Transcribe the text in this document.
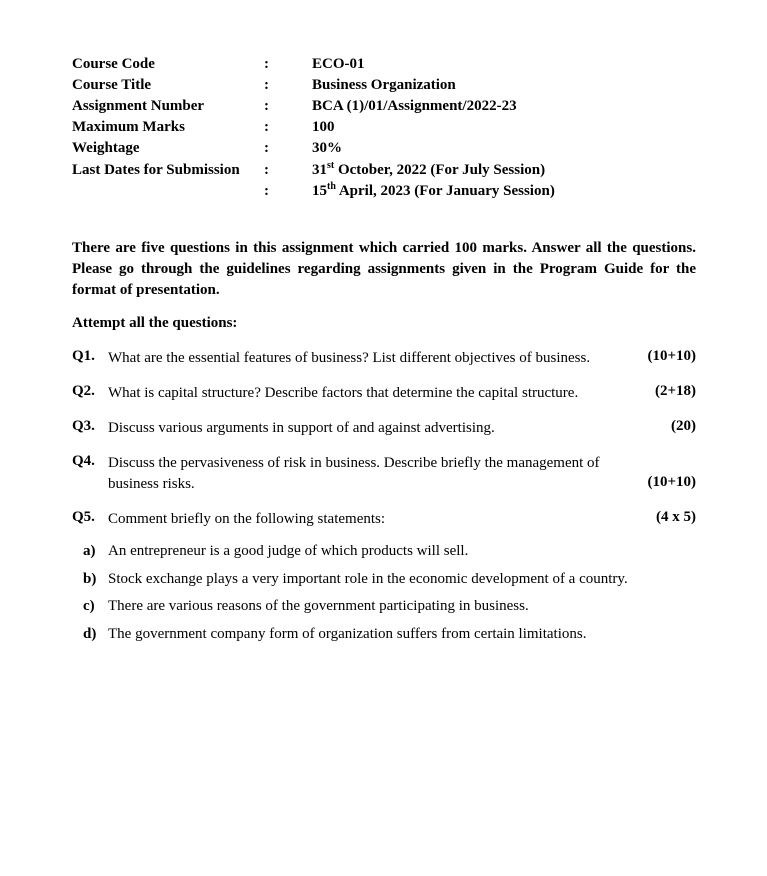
Course Code	:	ECO-01
Course Title	:	Business Organization
Assignment Number	:	BCA (1)/01/Assignment/2022-23
Maximum Marks	:	100
Weightage	:	30%
Last Dates for Submission :	31st October, 2022 (For July Session)
:	15th April, 2023 (For January Session)
There are five questions in this assignment which carried 100 marks. Answer all the questions. Please go through the guidelines regarding assignments given in the Program Guide for the format of presentation.
Attempt all the questions:
Q1. What are the essential features of business? List different objectives of business.	(10+10)
Q2. What is capital structure? Describe factors that determine the capital structure.	(2+18)
Q3. Discuss various arguments in support of and against advertising.	(20)
Q4. Discuss the pervasiveness of risk in business. Describe briefly the management of business risks.	(10+10)
Q5. Comment briefly on the following statements:	(4 x 5)
a) An entrepreneur is a good judge of which products will sell.
b) Stock exchange plays a very important role in the economic development of a country.
c) There are various reasons of the government participating in business.
d) The government company form of organization suffers from certain limitations.
